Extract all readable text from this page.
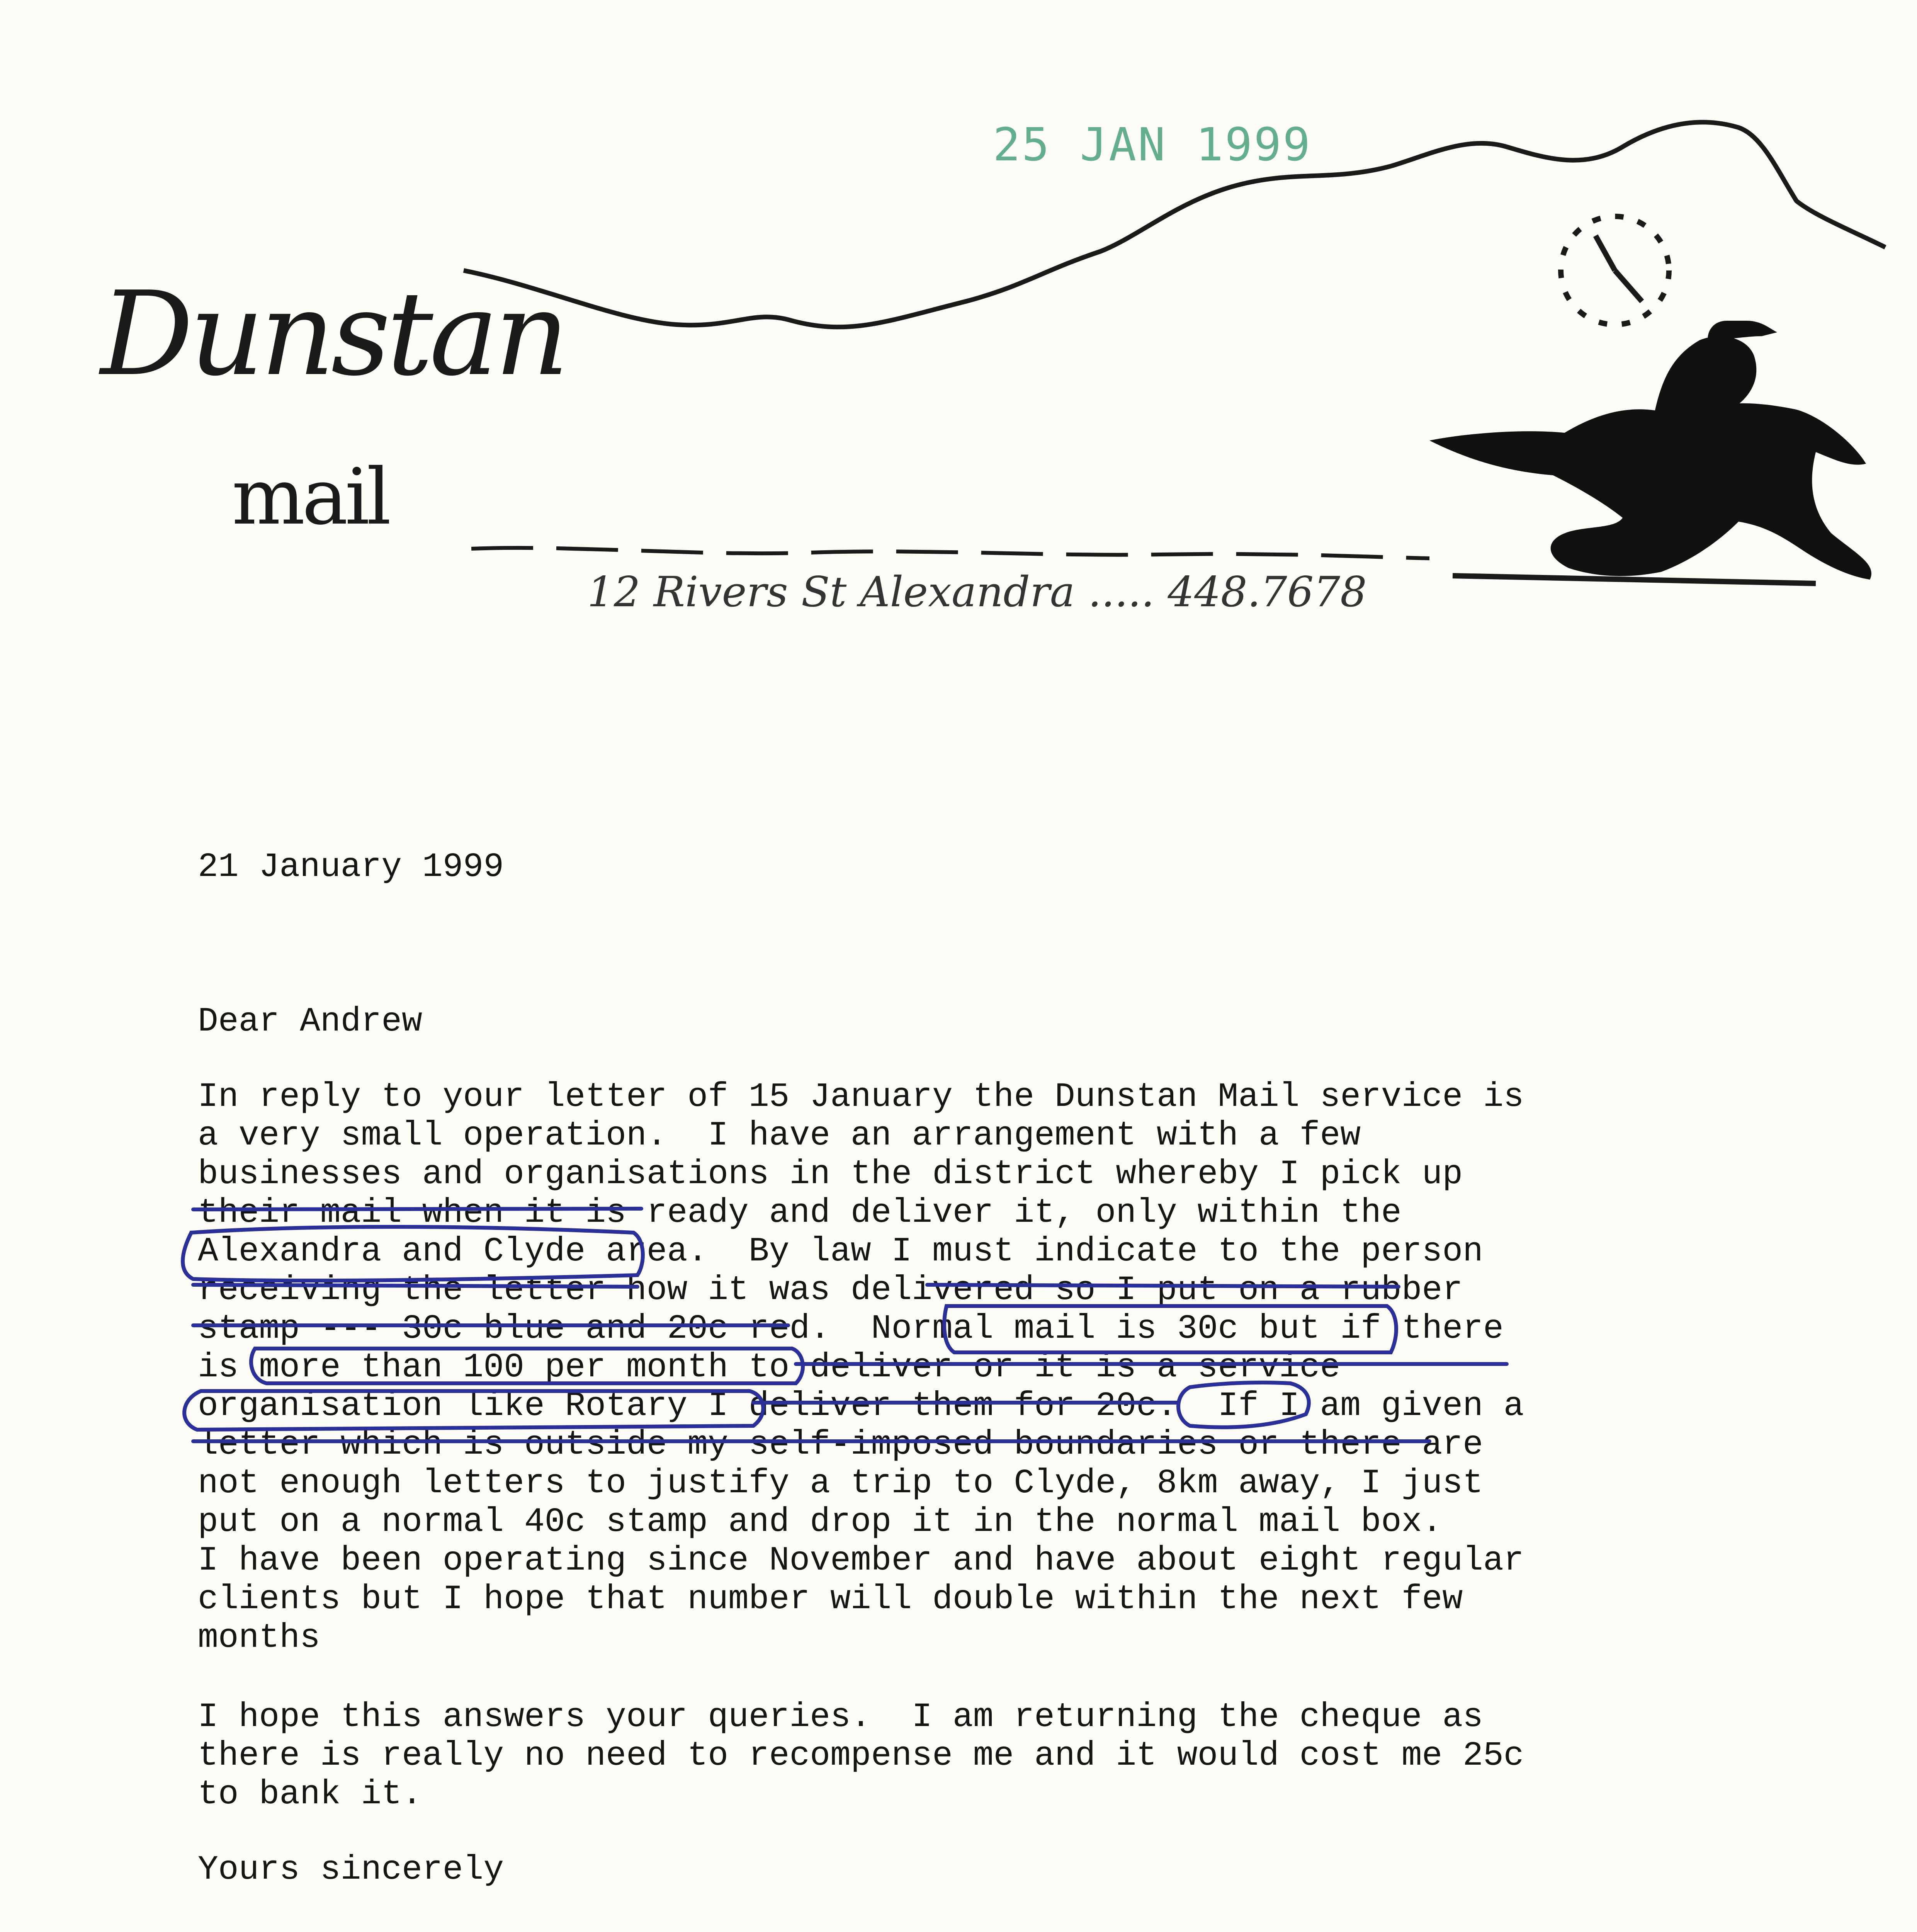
25 JAN 1999
Dunstan
mail
12 Rivers St Alexandra ..... 448.7678
21 January 1999
Dear Andrew
In reply to your letter of 15 January the Dunstan Mail service is
a very small operation.  I have an arrangement with a few
businesses and organisations in the district whereby I pick up
their mail when it is ready and deliver it, only within the
Alexandra and Clyde area.  By law I must indicate to the person
receiving the letter how it was delivered so I put on a rubber
stamp --- 30c blue and 20c red.  Normal mail is 30c but if there
is more than 100 per month to deliver or it is a service
organisation like Rotary I deliver them for 20c.  If I am given a
letter which is outside my self-imposed boundaries or there are
not enough letters to justify a trip to Clyde, 8km away, I just
put on a normal 40c stamp and drop it in the normal mail box.
I have been operating since November and have about eight regular
clients but I hope that number will double within the next few
months
I hope this answers your queries.  I am returning the cheque as
there is really no need to recompense me and it would cost me 25c
to bank it.
Yours sincerely
